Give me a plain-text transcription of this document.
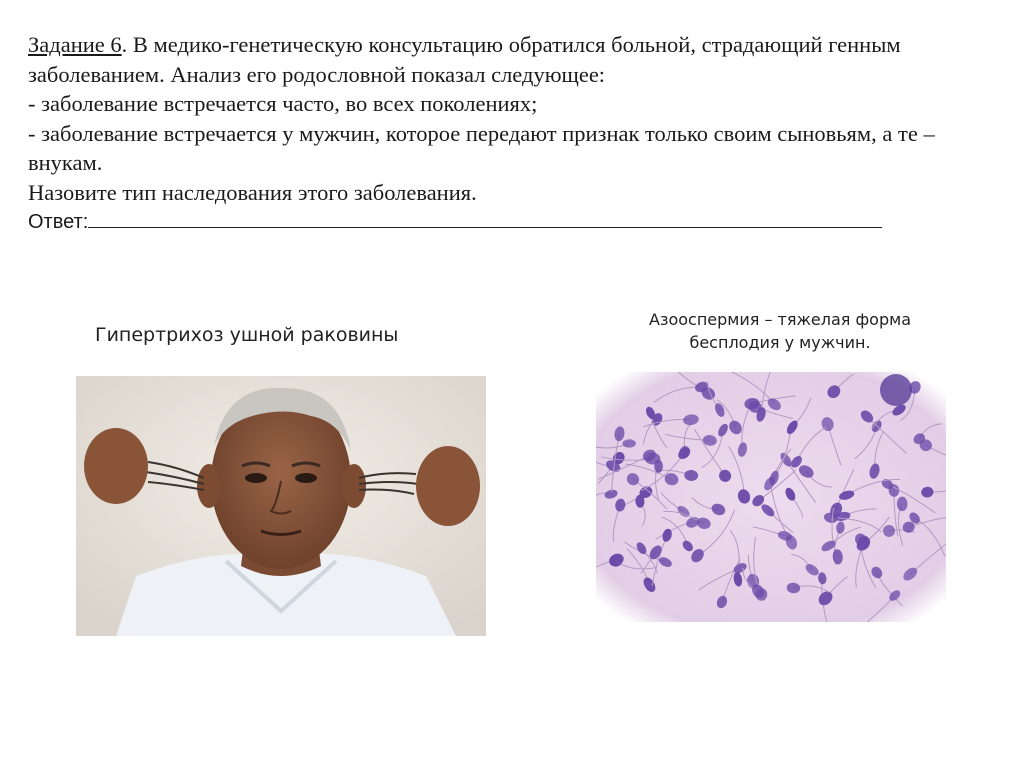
Задание 6. В медико-генетическую консультацию обратился больной, страдающий генным заболеванием. Анализ его родословной показал следующее:
- заболевание встречается часто, во всех поколениях;
- заболевание встречается у мужчин, которое передают признак только своим сыновьям, а те – внукам.
Назовите тип наследования этого заболевания.
Ответ:
Гипертрихоз ушной раковины
Азооспермия – тяжелая форма
бесплодия у мужчин.
